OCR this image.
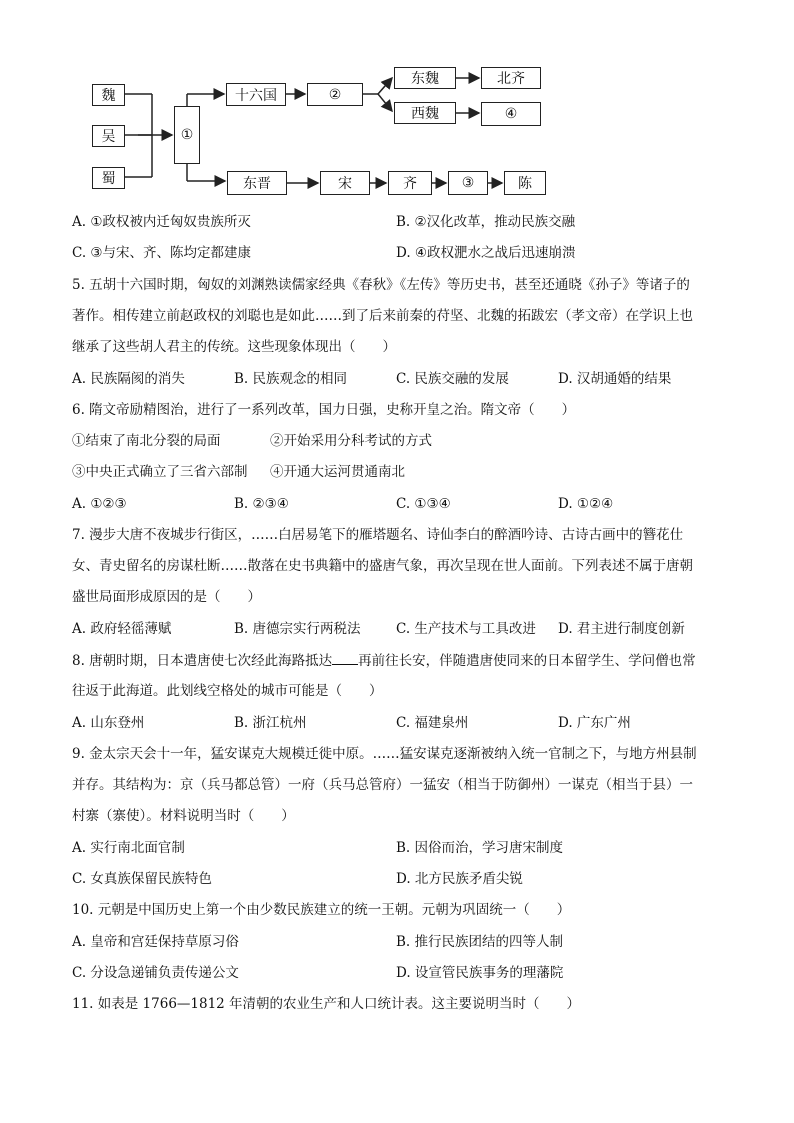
魏
吴
蜀
①
十六国	②
东魏	北齐
西魏	④
东晋	宋	齐	③	陈
A. ①政权被内迁匈奴贵族所灭	B. ②汉化改革，推动民族交融
C. ③与宋、齐、陈均定都建康	D. ④政权淝水之战后迅速崩溃
5. 五胡十六国时期，匈奴的刘渊熟读儒家经典《春秋》《左传》等历史书，甚至还通晓《孙子》等诸子的
著作。相传建立前赵政权的刘聪也是如此……到了后来前秦的苻坚、北魏的拓跋宏（孝文帝）在学识上也
继承了这些胡人君主的传统。这些现象体现出（　　）
A. 民族隔阂的消失	B. 民族观念的相同	C. 民族交融的发展	D. 汉胡通婚的结果
6. 隋文帝励精图治，进行了一系列改革，国力日强，史称开皇之治。隋文帝（　　）
①结束了南北分裂的局面	②开始采用分科考试的方式
③中央正式确立了三省六部制 ④开通大运河贯通南北
A. ①②③	B. ②③④	C. ①③④	D. ①②④
7. 漫步大唐不夜城步行街区，……白居易笔下的雁塔题名、诗仙李白的醉酒吟诗、古诗古画中的簪花仕
女、青史留名的房谋杜断……散落在史书典籍中的盛唐气象，再次呈现在世人面前。下列表述不属于唐朝
盛世局面形成原因的是（　　）
A. 政府轻徭薄赋	B. 唐德宗实行两税法	C. 生产技术与工具改进 D. 君主进行制度创新
8. 唐朝时期，日本遣唐使七次经此海路抵达 再前往长安，伴随遣唐使同来的日本留学生、学问僧也常
往返于此海道。此划线空格处的城市可能是（　　）
A. 山东登州	B. 浙江杭州	C. 福建泉州	D. 广东广州
9. 金太宗天会十一年，猛安谋克大规模迁徙中原。……猛安谋克逐渐被纳入统一官制之下，与地方州县制
并存。其结构为：京（兵马都总管）一府（兵马总管府）一猛安（相当于防御州）一谋克（相当于县）一
村寨（寨使）。材料说明当时（　　）
A. 实行南北面官制	B. 因俗而治，学习唐宋制度
C. 女真族保留民族特色	D. 北方民族矛盾尖锐
10. 元朝是中国历史上第一个由少数民族建立的统一王朝。元朝为巩固统一（　　）
A. 皇帝和宫廷保持草原习俗	B. 推行民族团结的四等人制
C. 分设急递铺负责传递公文	D. 设宣管民族事务的理藩院
11. 如表是 1766—1812 年清朝的农业生产和人口统计表。这主要说明当时（　　）
